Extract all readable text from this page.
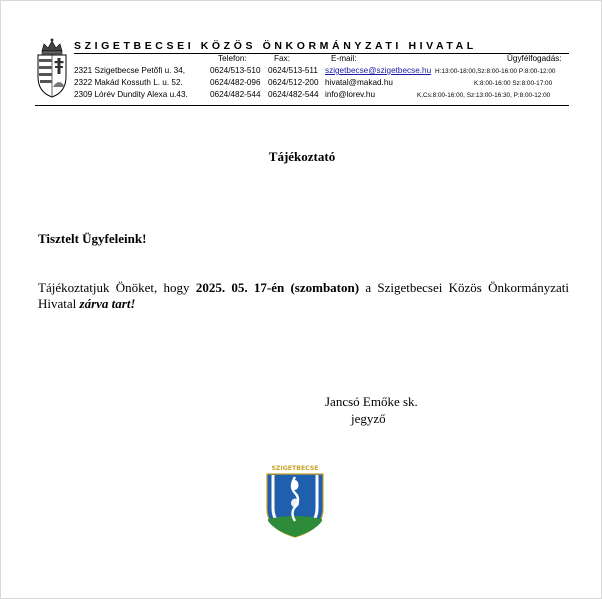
SZIGETBECSEI KÖZÖS ÖNKORMÁNYZATI HIVATAL
Telefon:	Fax:	E-mail:	Ügyfélfogadás:
2321 Szigetbecse Petőfi u. 34,	0624/513-510 0624/513-511 szigetbecse@szigetbecse.hu H:13:00-18:00,Sz:8:00-16:00 P:8:00-12:00
2322 Makád Kossuth L. u. 52.	0624/482-096 0624/512-200 hivatal@makad.hu	K:8:00-16:00 Sz:8:00-17:00
2309 Lórév Dundity Alexa u.43.	0624/482-544 0624/482-544 info@lorev.hu	K,Cs:8:00-16:00, Sz:13:00-16:30, P:8:00-12:00
Tájékoztató
Tisztelt Ügyfeleink!

Tájékoztatjuk Önöket, hogy 2025. 05. 17-én (szombaton) a Szigetbecsei Közös Önkormányzati Hivatal zárva tart!

Jancsó Emőke sk.
jegyző
SZIGETBECSE
